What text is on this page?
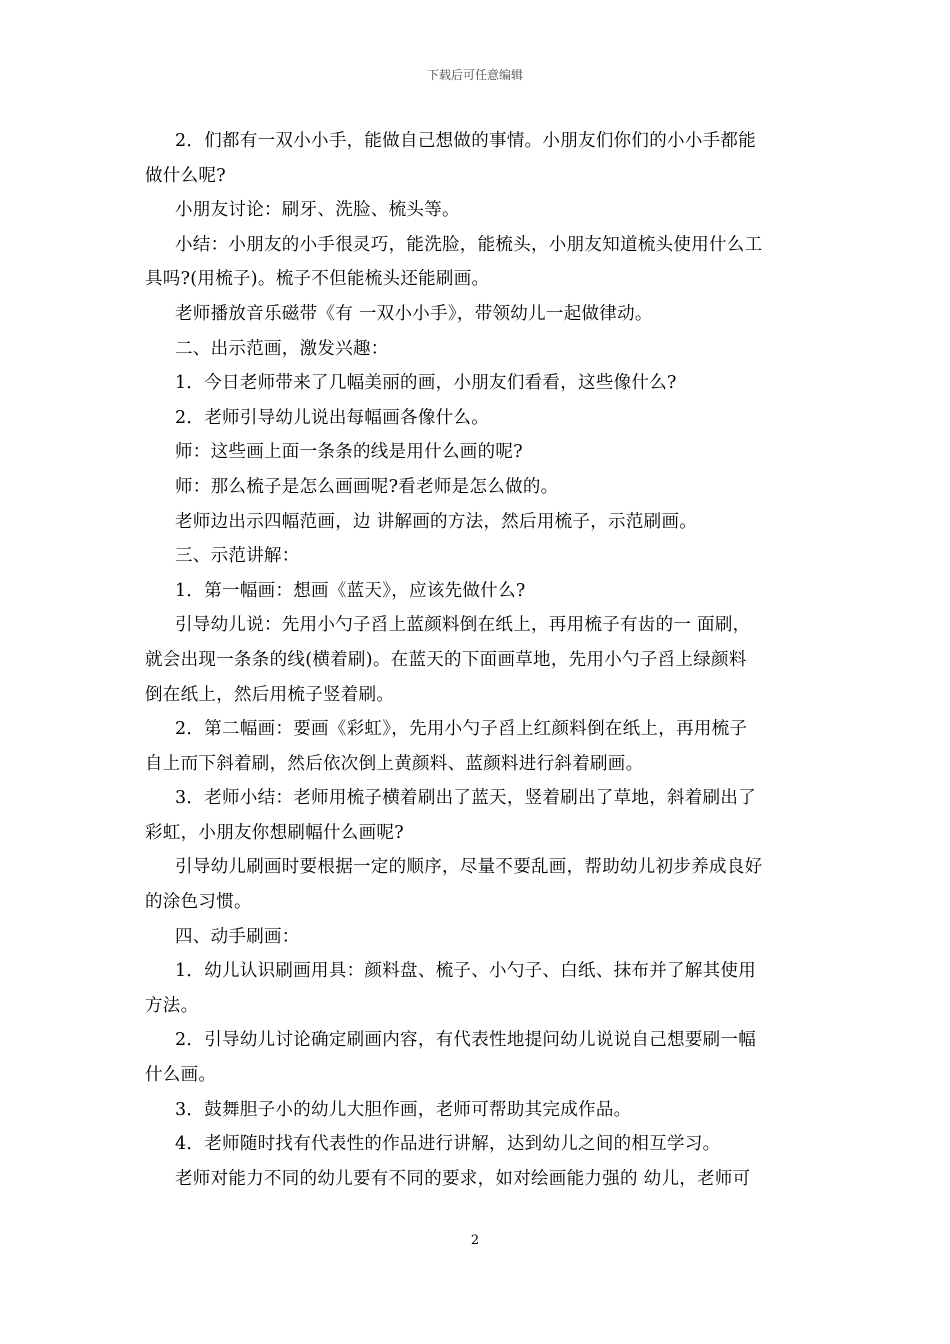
下载后可任意编辑
2．们都有一双小小手，能做自己想做的事情。小朋友们你们的小小手都能
做什么呢?
小朋友讨论：刷牙、洗脸、梳头等。
小结：小朋友的小手很灵巧，能洗脸，能梳头，小朋友知道梳头使用什么工
具吗?(用梳子)。梳子不但能梳头还能刷画。
老师播放音乐磁带《有 一双小小手》，带领幼儿一起做律动。
二、出示范画，激发兴趣：
1．今日老师带来了几幅美丽的画，小朋友们看看，这些像什么?
2．老师引导幼儿说出每幅画各像什么。
师：这些画上面一条条的线是用什么画的呢?
师：那么梳子是怎么画画呢?看老师是怎么做的。
老师边出示四幅范画，边 讲解画的方法，然后用梳子，示范刷画。
三、示范讲解：
1．第一幅画：想画《蓝天》，应该先做什么?
引导幼儿说：先用小勺子舀上蓝颜料倒在纸上，再用梳子有齿的一 面刷，
就会出现一条条的线(横着刷)。在蓝天的下面画草地，先用小勺子舀上绿颜料
倒在纸上，然后用梳子竖着刷。
2．第二幅画：要画《彩虹》，先用小勺子舀上红颜料倒在纸上，再用梳子
自上而下斜着刷，然后依次倒上黄颜料、蓝颜料进行斜着刷画。
3．老师小结：老师用梳子横着刷出了蓝天，竖着刷出了草地，斜着刷出了
彩虹，小朋友你想刷幅什么画呢?
引导幼儿刷画时要根据一定的顺序，尽量不要乱画，帮助幼儿初步养成良好
的涂色习惯。
四、动手刷画：
1．幼儿认识刷画用具：颜料盘、梳子、小勺子、白纸、抹布并了解其使用
方法。
2．引导幼儿讨论确定刷画内容，有代表性地提问幼儿说说自己想要刷一幅
什么画。
3．鼓舞胆子小的幼儿大胆作画，老师可帮助其完成作品。
4．老师随时找有代表性的作品进行讲解，达到幼儿之间的相互学习。
老师对能力不同的幼儿要有不同的要求，如对绘画能力强的 幼儿，老师可
2
